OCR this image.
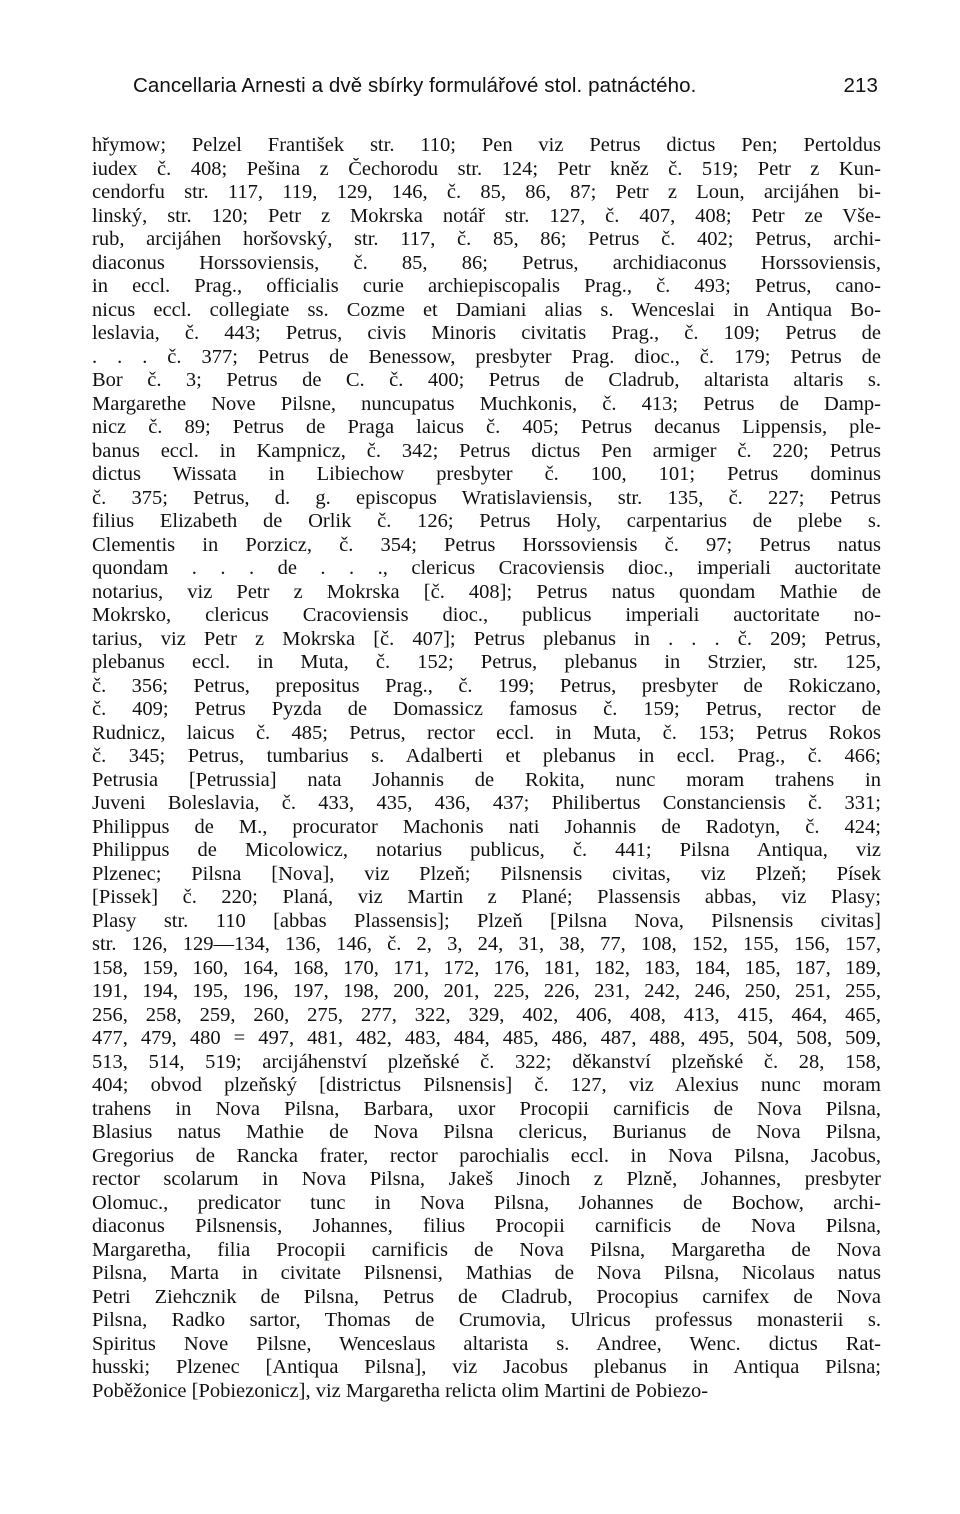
Cancellaria Arnesti a dvě sbírky formulářové stol. patnáctého.	213
hřymow; Pelzel František str. 110; Pen viz Petrus dictus Pen; Pertoldus
iudex č. 408; Pešina z Čechorodu str. 124; Petr kněz č. 519; Petr z Kun-
cendorfu str. 117, 119, 129, 146, č. 85, 86, 87; Petr z Loun, arcijáhen bi-
linský, str. 120; Petr z Mokrska notář str. 127, č. 407, 408; Petr ze Vše-
rub, arcijáhen horšovský, str. 117, č. 85, 86; Petrus č. 402; Petrus, archi-
diaconus Horssoviensis, č. 85, 86; Petrus, archidiaconus Horssoviensis,
in eccl. Prag., officialis curie archiepiscopalis Prag., č. 493; Petrus, cano-
nicus eccl. collegiate ss. Cozme et Damiani alias s. Wenceslai in Antiqua Bo-
leslavia, č. 443; Petrus, civis Minoris civitatis Prag., č. 109; Petrus de
. . . č. 377; Petrus de Benessow, presbyter Prag. dioc., č. 179; Petrus de
Bor č. 3; Petrus de C. č. 400; Petrus de Cladrub, altarista altaris s.
Margarethe Nove Pilsne, nuncupatus Muchkonis, č. 413; Petrus de Damp-
nicz č. 89; Petrus de Praga laicus č. 405; Petrus decanus Lippensis, ple-
banus eccl. in Kampnicz, č. 342; Petrus dictus Pen armiger č. 220; Petrus
dictus Wissata in Libiechow presbyter č. 100, 101; Petrus dominus
č. 375; Petrus, d. g. episcopus Wratislaviensis, str. 135, č. 227; Petrus
filius Elizabeth de Orlik č. 126; Petrus Holy, carpentarius de plebe s.
Clementis in Porzicz, č. 354; Petrus Horssoviensis č. 97; Petrus natus
quondam . . . de . . ., clericus Cracoviensis dioc., imperiali auctoritate
notarius, viz Petr z Mokrska [č. 408]; Petrus natus quondam Mathie de
Mokrsko, clericus Cracoviensis dioc., publicus imperiali auctoritate no-
tarius, viz Petr z Mokrska [č. 407]; Petrus plebanus in . . . č. 209; Petrus,
plebanus eccl. in Muta, č. 152; Petrus, plebanus in Strzier, str. 125,
č. 356; Petrus, prepositus Prag., č. 199; Petrus, presbyter de Rokiczano,
č. 409; Petrus Pyzda de Domassicz famosus č. 159; Petrus, rector de
Rudnicz, laicus č. 485; Petrus, rector eccl. in Muta, č. 153; Petrus Rokos
č. 345; Petrus, tumbarius s. Adalberti et plebanus in eccl. Prag., č. 466;
Petrusia [Petrussia] nata Johannis de Rokita, nunc moram trahens in
Juveni Boleslavia, č. 433, 435, 436, 437; Philibertus Constanciensis č. 331;
Philippus de M., procurator Machonis nati Johannis de Radotyn, č. 424;
Philippus de Micolowicz, notarius publicus, č. 441; Pilsna Antiqua, viz
Plzenec; Pilsna [Nova], viz Plzeň; Pilsnensis civitas, viz Plzeň; Písek
[Pissek] č. 220; Planá, viz Martin z Plané; Plassensis abbas, viz Plasy;
Plasy str. 110 [abbas Plassensis]; Plzeň [Pilsna Nova, Pilsnensis civitas]
str. 126, 129—134, 136, 146, č. 2, 3, 24, 31, 38, 77, 108, 152, 155, 156, 157,
158, 159, 160, 164, 168, 170, 171, 172, 176, 181, 182, 183, 184, 185, 187, 189,
191, 194, 195, 196, 197, 198, 200, 201, 225, 226, 231, 242, 246, 250, 251, 255,
256, 258, 259, 260, 275, 277, 322, 329, 402, 406, 408, 413, 415, 464, 465,
477, 479, 480 = 497, 481, 482, 483, 484, 485, 486, 487, 488, 495, 504, 508, 509,
513, 514, 519; arcijáhenství plzeňské č. 322; děkanství plzeňské č. 28, 158,
404; obvod plzeňský [districtus Pilsnensis] č. 127, viz Alexius nunc moram
trahens in Nova Pilsna, Barbara, uxor Procopii carnificis de Nova Pilsna,
Blasius natus Mathie de Nova Pilsna clericus, Burianus de Nova Pilsna,
Gregorius de Rancka frater, rector parochialis eccl. in Nova Pilsna, Jacobus,
rector scolarum in Nova Pilsna, Jakeš Jinoch z Plzně, Johannes, presbyter
Olomuc., predicator tunc in Nova Pilsna, Johannes de Bochow, archi-
diaconus Pilsnensis, Johannes, filius Procopii carnificis de Nova Pilsna,
Margaretha, filia Procopii carnificis de Nova Pilsna, Margaretha de Nova
Pilsna, Marta in civitate Pilsnensi, Mathias de Nova Pilsna, Nicolaus natus
Petri Ziehcznik de Pilsna, Petrus de Cladrub, Procopius carnifex de Nova
Pilsna, Radko sartor, Thomas de Crumovia, Ulricus professus monasterii s.
Spiritus Nove Pilsne, Wenceslaus altarista s. Andree, Wenc. dictus Rat-
husski; Plzenec [Antiqua Pilsna], viz Jacobus plebanus in Antiqua Pilsna;
Poběžonice [Pobiezonicz], viz Margaretha relicta olim Martini de Pobiezo-
